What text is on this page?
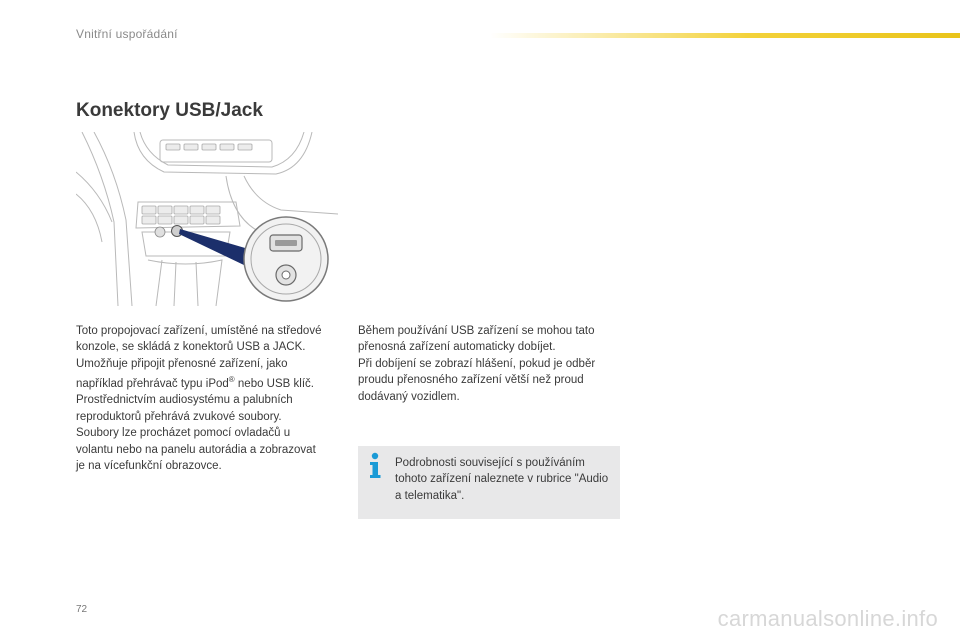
Vnitřní uspořádání
Konektory USB/Jack

Toto propojovací zařízení, umístěné na středové konzole, se skládá z konektorů USB a JACK.

Umožňuje připojit přenosné zařízení, jako například přehrávač typu iPod® nebo USB klíč.

Prostřednictvím audiosystému a palubních reproduktorů přehrává zvukové soubory.

Soubory lze procházet pomocí ovladačů u volantu nebo na panelu autorádia a zobrazovat je na vícefunkční obrazovce.

Během používání USB zařízení se mohou tato přenosná zařízení automaticky dobíjet.

Při dobíjení se zobrazí hlášení, pokud je odběr proudu přenosného zařízení větší než proud dodávaný vozidlem.

Podrobnosti související s používáním tohoto zařízení naleznete v rubrice "Audio a telematika".
72	carmanualsonline.info
